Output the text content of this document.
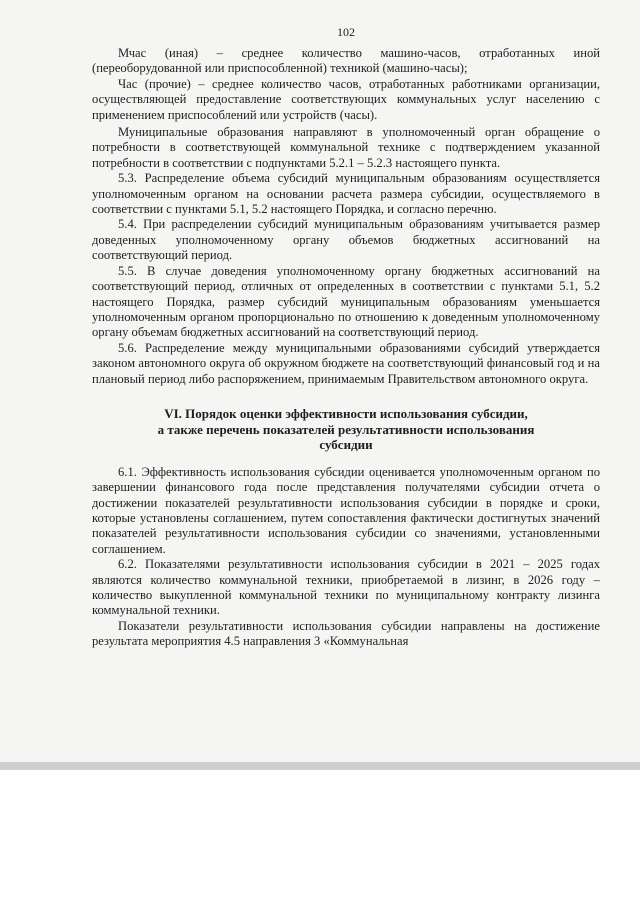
102

Мчас (иная) – среднее количество машино-часов, отработанных иной (переоборудованной или приспособленной) техникой (машино-часы);

Час (прочие) – среднее количество часов, отработанных работниками организации, осуществляющей предоставление соответствующих коммунальных услуг населению с применением приспособлений или устройств (часы).

Муниципальные образования направляют в уполномоченный орган обращение о потребности в соответствующей коммунальной технике с подтверждением указанной потребности в соответствии с подпунктами 5.2.1 – 5.2.3 настоящего пункта.

5.3. Распределение объема субсидий муниципальным образованиям осуществляется уполномоченным органом на основании расчета размера субсидии, осуществляемого в соответствии с пунктами 5.1, 5.2 настоящего Порядка, и согласно перечню.

5.4. При распределении субсидий муниципальным образованиям учитывается размер доведенных уполномоченному органу объемов бюджетных ассигнований на соответствующий период.

5.5. В случае доведения уполномоченному органу бюджетных ассигнований на соответствующий период, отличных от определенных в соответствии с пунктами 5.1, 5.2 настоящего Порядка, размер субсидий муниципальным образованиям уменьшается уполномоченным органом пропорционально по отношению к доведенным уполномоченному органу объемам бюджетных ассигнований на соответствующий период.

5.6. Распределение между муниципальными образованиями субсидий утверждается законом автономного округа об окружном бюджете на соответствующий финансовый год и на плановый период либо распоряжением, принимаемым Правительством автономного округа.

VI. Порядок оценки эффективности использования субсидии,
а также перечень показателей результативности использования
субсидии

6.1. Эффективность использования субсидии оценивается уполномоченным органом по завершении финансового года после представления получателями субсидии отчета о достижении показателей результативности использования субсидии в порядке и сроки, которые установлены соглашением, путем сопоставления фактически достигнутых значений показателей результативности использования субсидии со значениями, установленными соглашением.

6.2. Показателями результативности использования субсидии в 2021 – 2025 годах являются количество коммунальной техники, приобретаемой в лизинг, в 2026 году – количество выкупленной коммунальной техники по муниципальному контракту лизинга коммунальной техники.

Показатели результативности использования субсидии направлены на достижение результата мероприятия 4.5 направления 3 «Коммунальная
